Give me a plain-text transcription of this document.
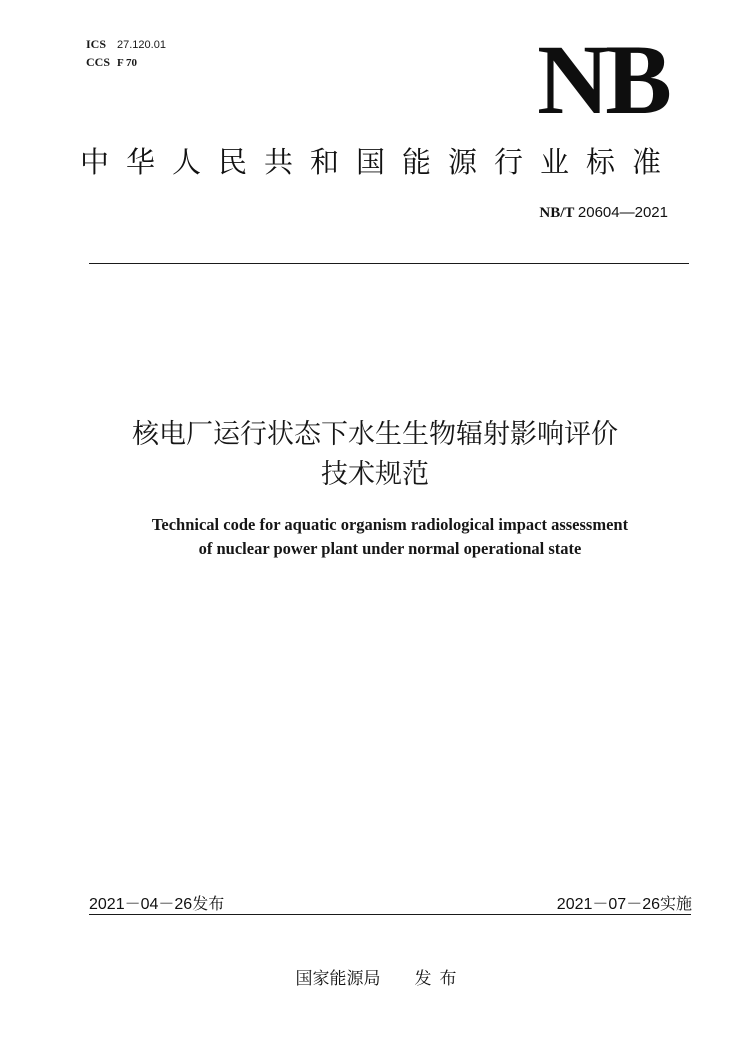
ICS 27.120.01
CCS F 70	NB
中华人民共和国能源行业标准
NB/T 20604—2021
核电厂运行状态下水生生物辐射影响评价
技术规范
Technical code for aquatic organism radiological impact assessment
of nuclear power plant under normal operational state
2021－04－26发布	2021－07－26实施
国家能源局 发布
